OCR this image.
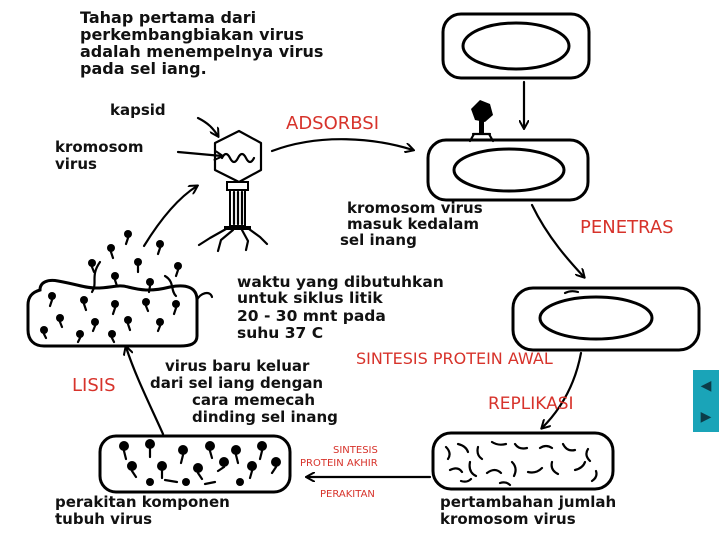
Tahap pertama dari
perkembangbiakan virus
adalah menempelnya virus
pada sel iang.
kapsid
kromosom
virus
ADSORBSI
kromosom virus
masuk kedalam
sel inang
PENETRAS
waktu yang dibutuhkan
untuk siklus litik
20 - 30 mnt pada
suhu 37 C
SINTESIS PROTEIN AWAL
REPLIKASI
pertambahan jumlah
kromosom virus
SINTESIS
PROTEIN AKHIR
PERAKITAN
perakitan komponen
tubuh virus
LISIS
virus baru keluar
dari sel iang dengan
cara memecah
dinding sel inang
◀
▶
